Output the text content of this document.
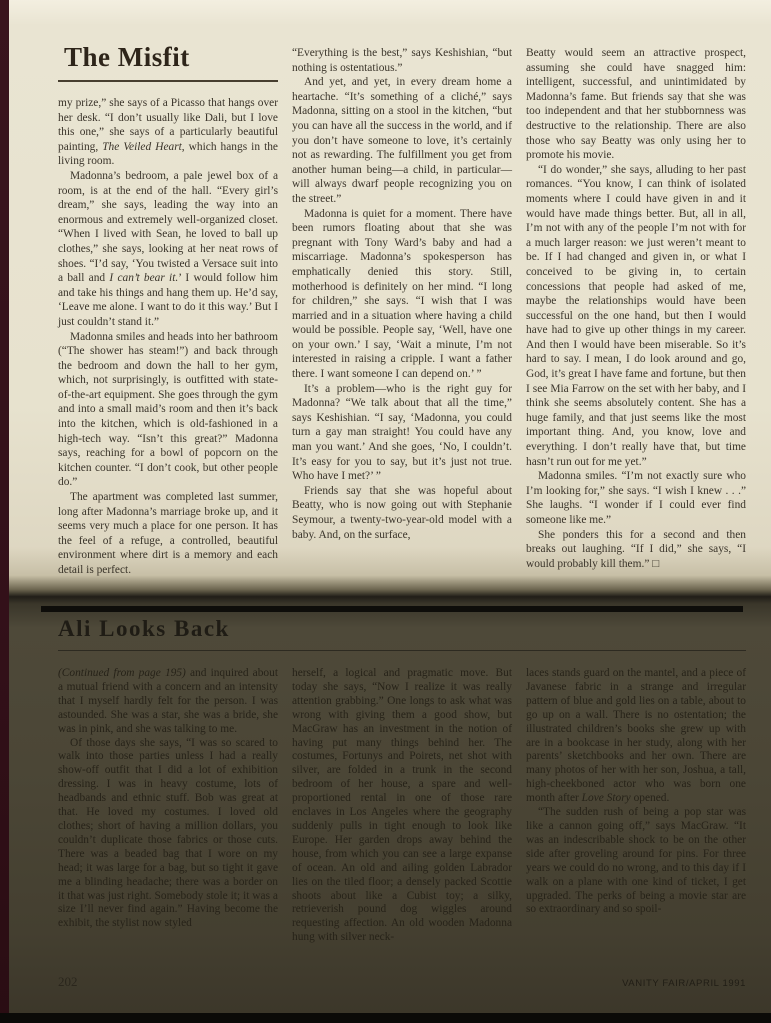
The Misfit

my prize,” she says of a Picasso that hangs over her desk. “I don’t usually like Dali, but I love this one,” she says of a particularly beautiful painting, The Veiled Heart, which hangs in the living room.

Madonna’s bedroom, a pale jewel box of a room, is at the end of the hall. “Every girl’s dream,” she says, leading the way into an enormous and extremely well-organized closet. “When I lived with Sean, he loved to ball up clothes,” she says, looking at her neat rows of shoes. “I’d say, ‘You twisted a Versace suit into a ball and I can’t bear it.’ I would follow him and take his things and hang them up. He’d say, ‘Leave me alone. I want to do it this way.’ But I just couldn’t stand it.”

Madonna smiles and heads into her bathroom (“The shower has steam!”) and back through the bedroom and down the hall to her gym, which, not surprisingly, is outfitted with state-of-the-art equipment. She goes through the gym and into a small maid’s room and then it’s back into the kitchen, which is old-fashioned in a high-tech way. “Isn’t this great?” Madonna says, reaching for a bowl of popcorn on the kitchen counter. “I don’t cook, but other people do.”

The apartment was completed last summer, long after Madonna’s marriage broke up, and it seems very much a place for one person. It has the feel of a refuge, a controlled, beautiful environment where dirt is a memory and each detail is perfect.

“Everything is the best,” says Keshishian, “but nothing is ostentatious.”

And yet, and yet, in every dream home a heartache. “It’s something of a cliché,” says Madonna, sitting on a stool in the kitchen, “but you can have all the success in the world, and if you don’t have someone to love, it’s certainly not as rewarding. The fulfillment you get from another human being—a child, in particular—will always dwarf people recognizing you on the street.”

Madonna is quiet for a moment. There have been rumors floating about that she was pregnant with Tony Ward’s baby and had a miscarriage. Madonna’s spokesperson has emphatically denied this story. Still, motherhood is definitely on her mind. “I long for children,” she says. “I wish that I was married and in a situation where having a child would be possible. People say, ‘Well, have one on your own.’ I say, ‘Wait a minute, I’m not interested in raising a cripple. I want a father there. I want someone I can depend on.’ ”

It’s a problem—who is the right guy for Madonna? “We talk about that all the time,” says Keshishian. “I say, ‘Madonna, you could turn a gay man straight! You could have any man you want.’ And she goes, ‘No, I couldn’t. It’s easy for you to say, but it’s just not true. Who have I met?’ ”

Friends say that she was hopeful about Beatty, who is now going out with Stephanie Seymour, a twenty-two-year-old model with a baby. And, on the surface,

Beatty would seem an attractive prospect, assuming she could have snagged him: intelligent, successful, and unintimidated by Madonna’s fame. But friends say that she was too independent and that her stubbornness was destructive to the relationship. There are also those who say Beatty was only using her to promote his movie.

“I do wonder,” she says, alluding to her past romances. “You know, I can think of isolated moments where I could have given in and it would have made things better. But, all in all, I’m not with any of the people I’m not with for a much larger reason: we just weren’t meant to be. If I had changed and given in, or what I conceived to be giving in, to certain concessions that people had asked of me, maybe the relationships would have been successful on the one hand, but then I would have had to give up other things in my career. And then I would have been miserable. So it’s hard to say. I mean, I do look around and go, God, it’s great I have fame and fortune, but then I see Mia Farrow on the set with her baby, and I think she seems absolutely content. She has a huge family, and that just seems like the most important thing. And, you know, love and everything. I don’t really have that, but time hasn’t run out for me yet.”

Madonna smiles. “I’m not exactly sure who I’m looking for,” she says. “I wish I knew . . .” She laughs. “I wonder if I could ever find someone like me.”

She ponders this for a second and then breaks out laughing. “If I did,” she says, “I would probably kill them.” □

Ali Looks Back

(Continued from page 195) and inquired about a mutual friend with a concern and an intensity that I myself hardly felt for the person. I was astounded. She was a star, she was a bride, she was in pink, and she was talking to me.

Of those days she says, “I was so scared to walk into those parties unless I had a really show-off outfit that I did a lot of exhibition dressing. I was in heavy costume, lots of headbands and ethnic stuff. Bob was great at that. He loved my costumes. I loved old clothes; short of having a million dollars, you couldn’t duplicate those fabrics or those cuts. There was a beaded bag that I wore on my head; it was large for a bag, but so tight it gave me a blinding headache; there was a border on it that was just right. Somebody stole it; it was a size I’ll never find again.” Having become the exhibit, the stylist now styled

herself, a logical and pragmatic move. But today she says, “Now I realize it was really attention grabbing.” One longs to ask what was wrong with giving them a good show, but MacGraw has an investment in the notion of having put many things behind her. The costumes, Fortunys and Poirets, net shot with silver, are folded in a trunk in the second bedroom of her house, a spare and well-proportioned rental in one of those rare enclaves in Los Angeles where the geography suddenly pulls in tight enough to look like Europe. Her garden drops away behind the house, from which you can see a large expanse of ocean. An old and ailing golden Labrador lies on the tiled floor; a densely packed Scottie shoots about like a Cubist toy; a silky, retrieverish pound dog wiggles around requesting affection. An old wooden Madonna hung with silver neck-

laces stands guard on the mantel, and a piece of Javanese fabric in a strange and irregular pattern of blue and gold lies on a table, about to go up on a wall. There is no ostentation; the illustrated children’s books she grew up with are in a bookcase in her study, along with her parents’ sketchbooks and her own. There are many photos of her with her son, Joshua, a tall, high-cheekboned actor who was born one month after Love Story opened.

“The sudden rush of being a pop star was like a cannon going off,” says MacGraw. “It was an indescribable shock to be on the other side after groveling around for pins. For three years we could do no wrong, and to this day if I walk on a plane with one kind of ticket, I get upgraded. The perks of being a movie star are so extraordinary and so spoil-

202	VANITY FAIR/APRIL 1991
